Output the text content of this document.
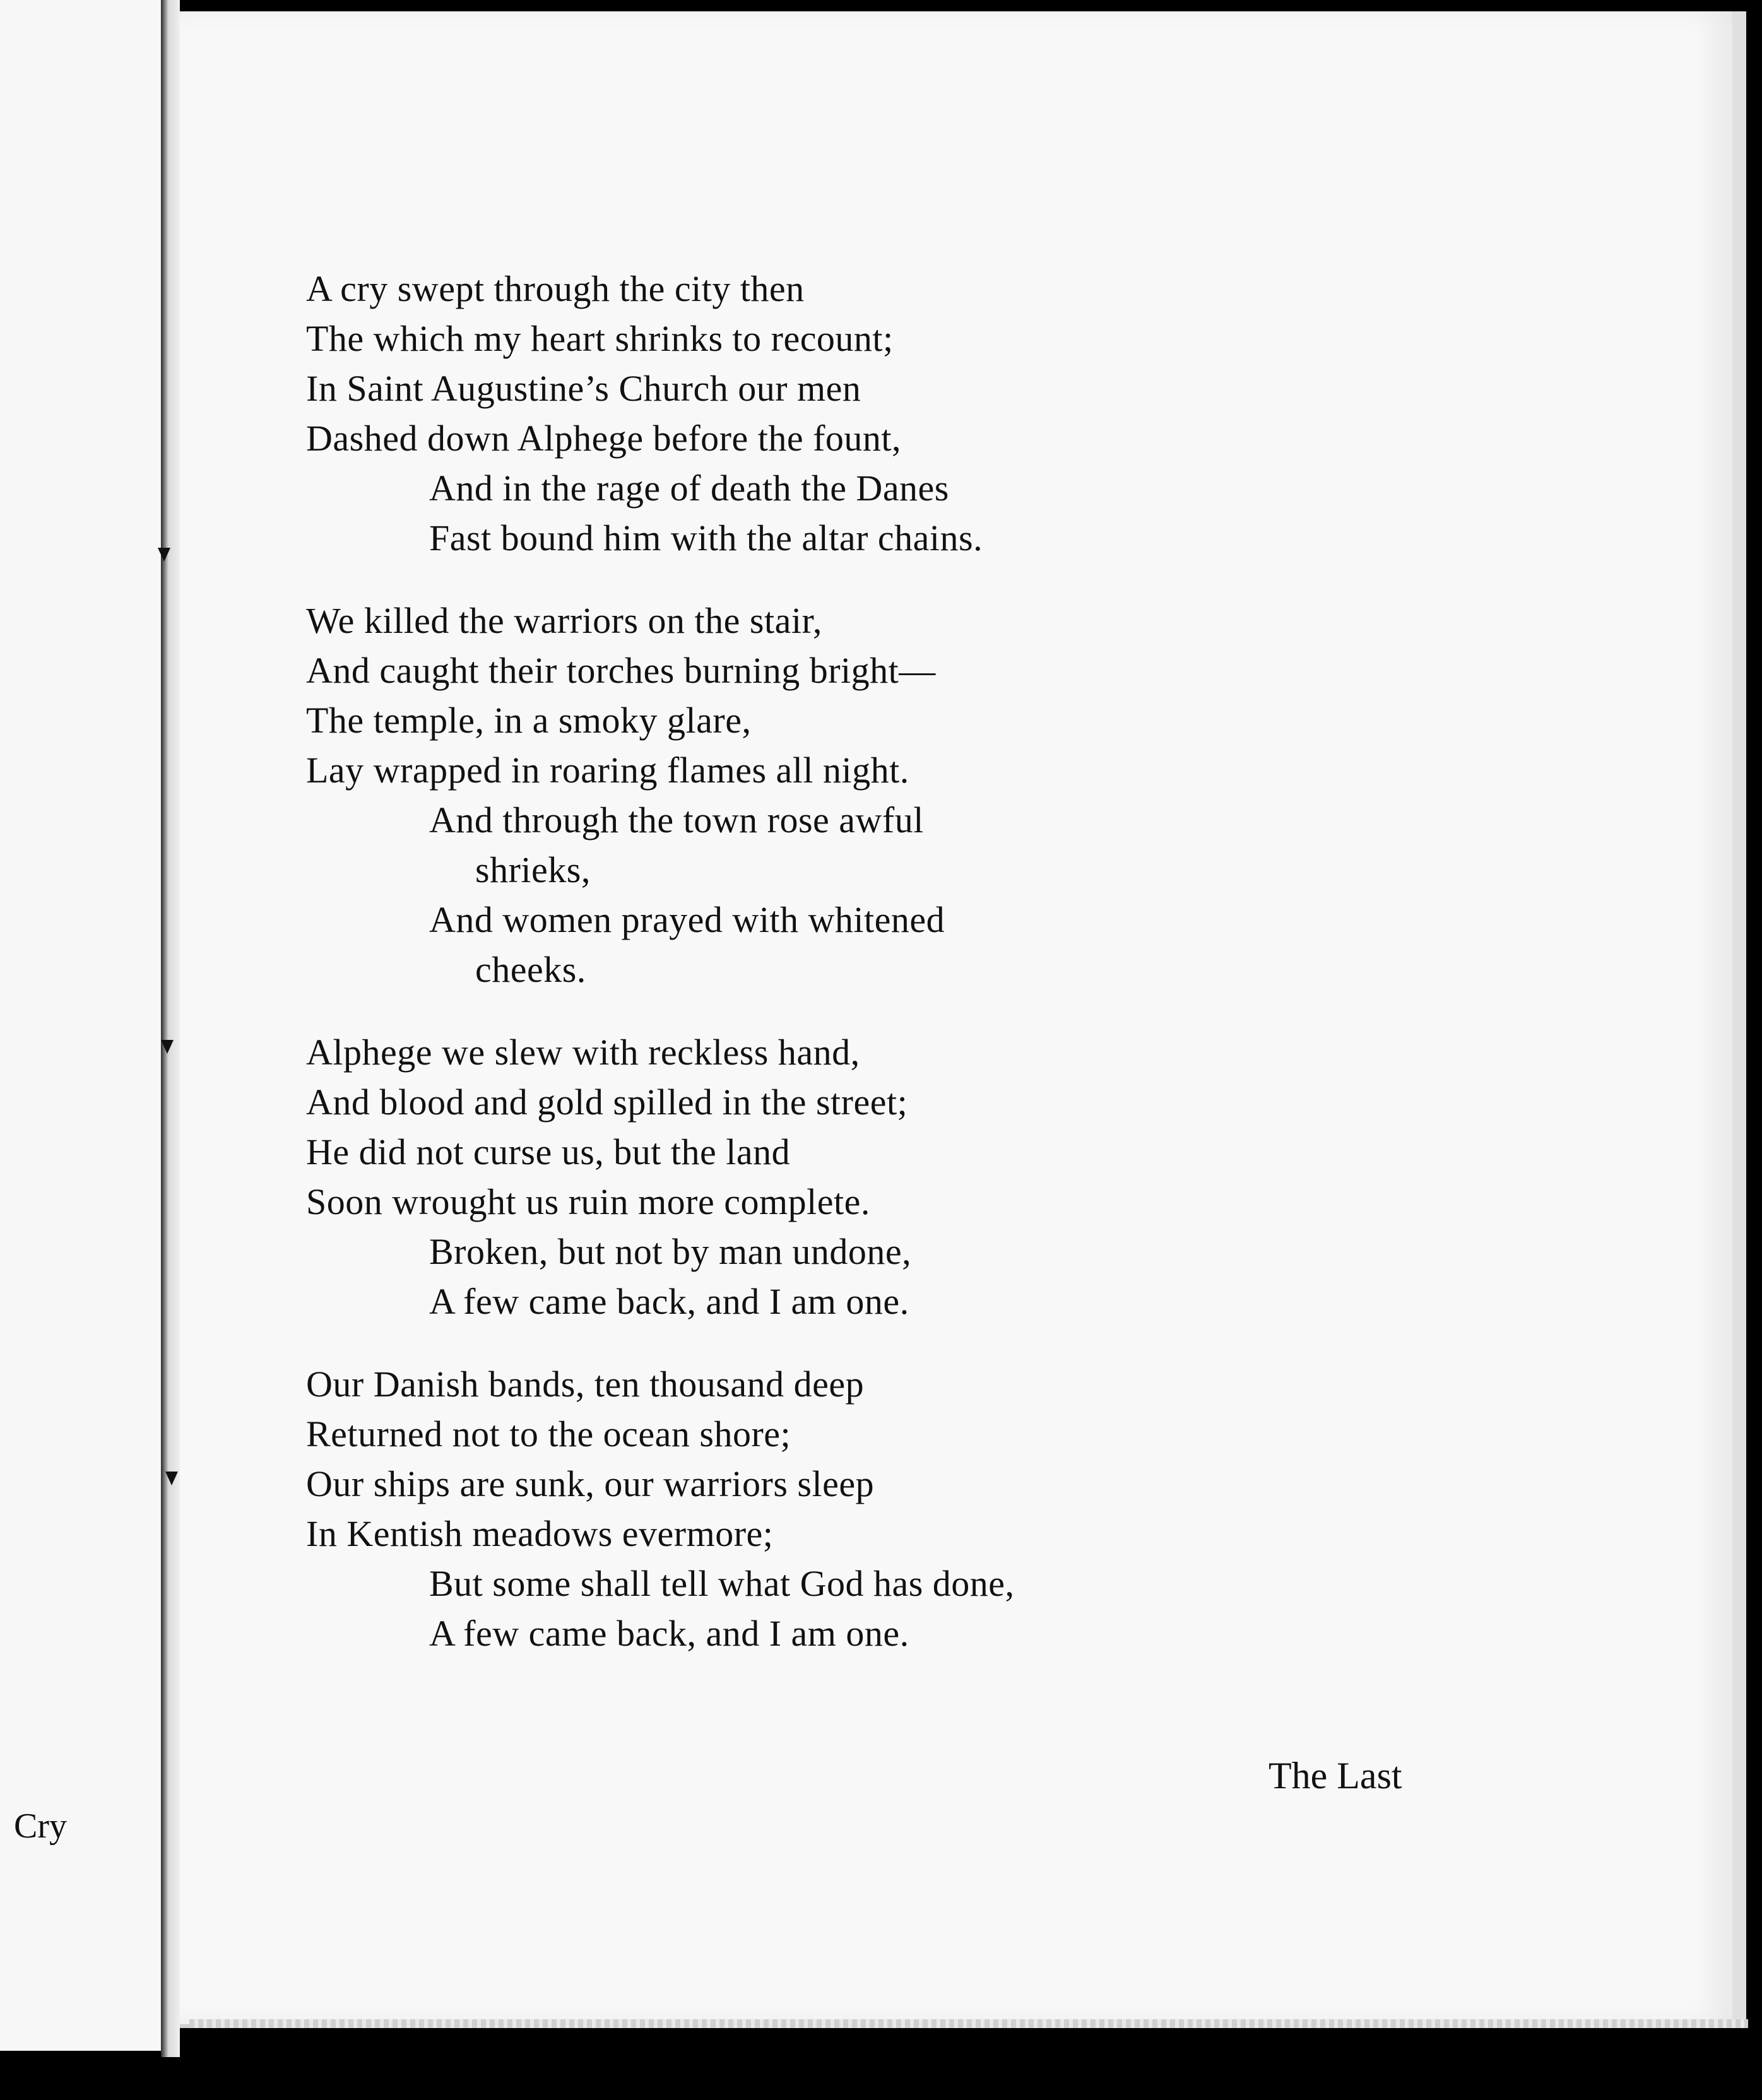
Cry
A cry swept through the city then
The which my heart shrinks to recount;
In Saint Augustine’s Church our men
Dashed down Alphege before the fount,
And in the rage of death the Danes
Fast bound him with the altar chains.
We killed the warriors on the stair,
And caught their torches burning bright—
The temple, in a smoky glare,
Lay wrapped in roaring flames all night.
And through the town rose awful
shrieks,
And women prayed with whitened
cheeks.
Alphege we slew with reckless hand,
And blood and gold spilled in the street;
He did not curse us, but the land
Soon wrought us ruin more complete.
Broken, but not by man undone,
A few came back, and I am one.
Our Danish bands, ten thousand deep
Returned not to the ocean shore;
Our ships are sunk, our warriors sleep
In Kentish meadows evermore;
But some shall tell what God has done,
A few came back, and I am one.
The Last
